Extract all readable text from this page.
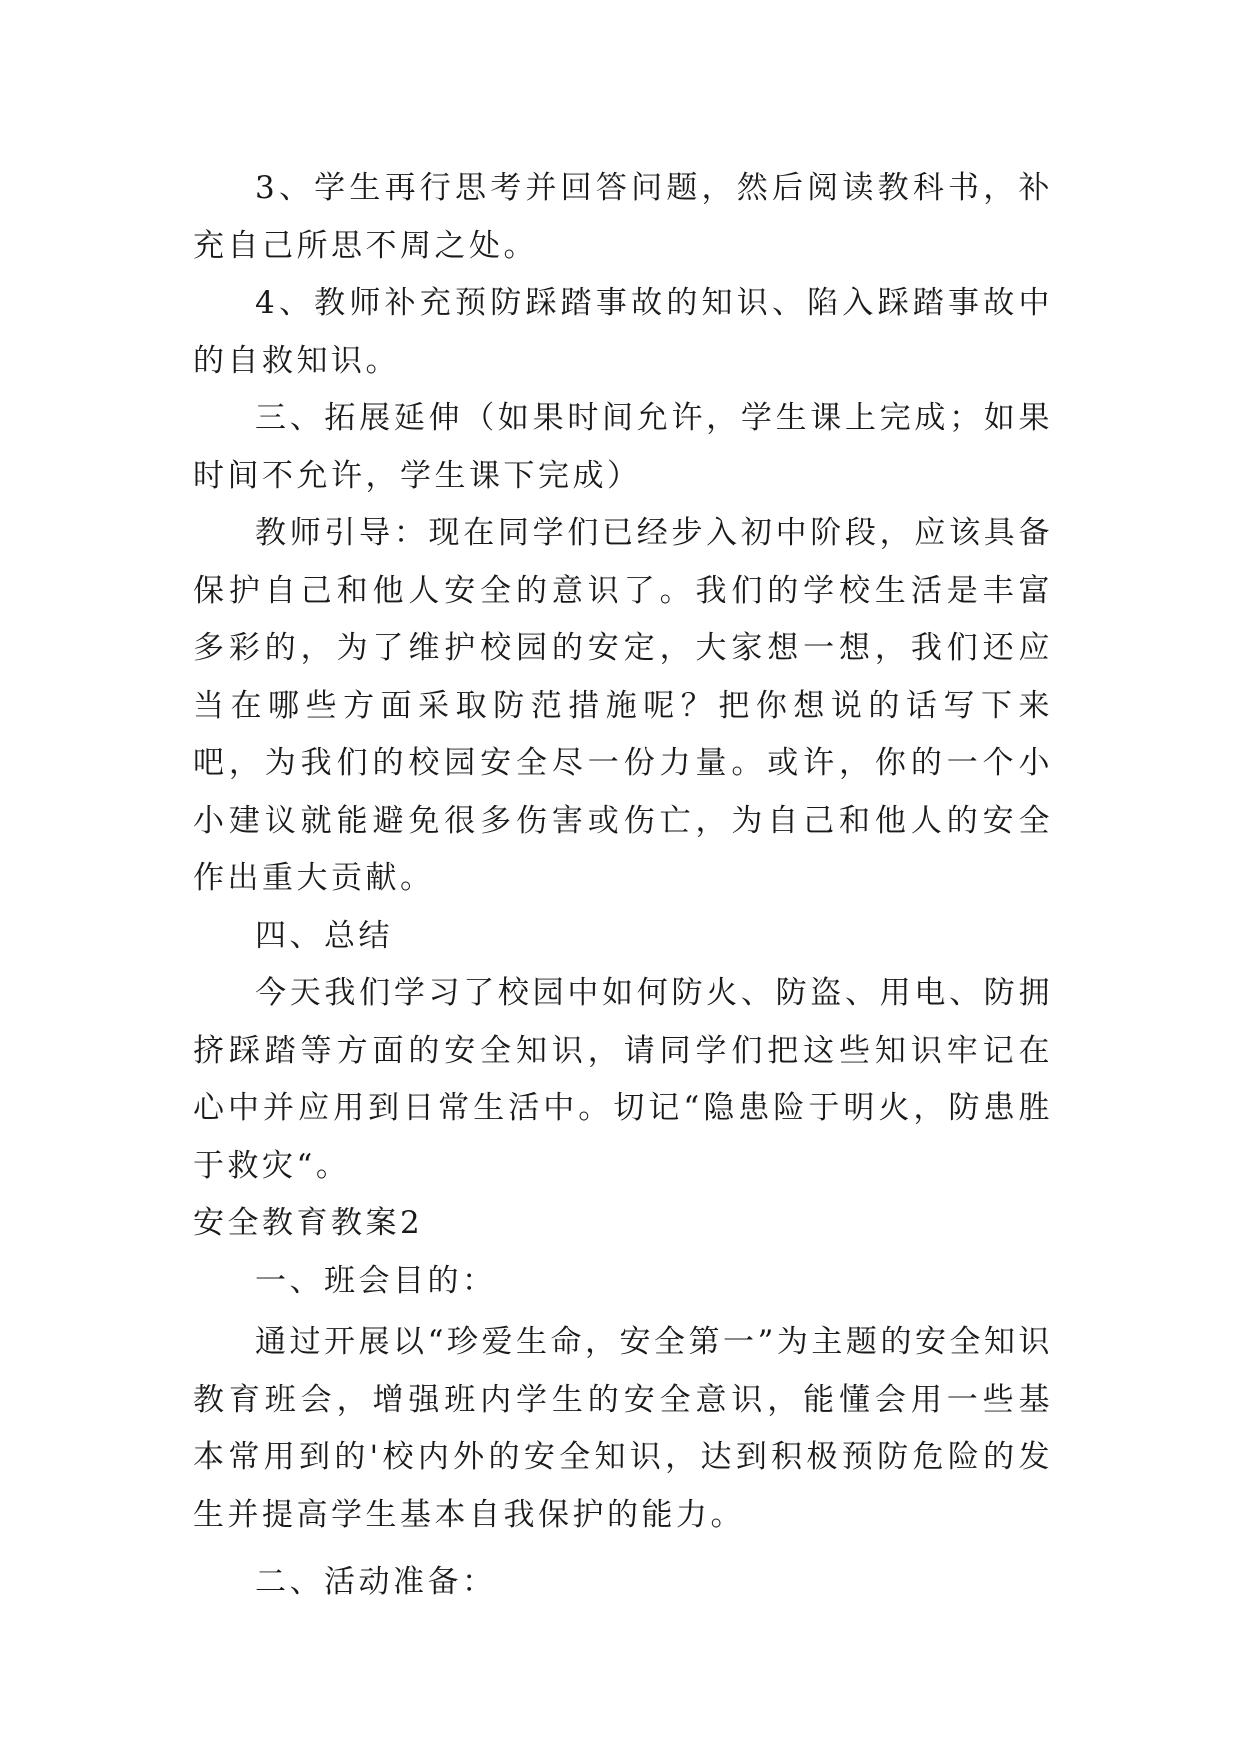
3、学生再行思考并回答问题，然后阅读教科书，补充自己所思不周之处。

4、教师补充预防踩踏事故的知识、陷入踩踏事故中的自救知识。

三、拓展延伸（如果时间允许，学生课上完成；如果时间不允许，学生课下完成）

教师引导：现在同学们已经步入初中阶段，应该具备保护自己和他人安全的意识了。我们的学校生活是丰富多彩的，为了维护校园的安定，大家想一想，我们还应当在哪些方面采取防范措施呢？把你想说的话写下来吧，为我们的校园安全尽一份力量。或许，你的一个小小建议就能避免很多伤害或伤亡，为自己和他人的安全作出重大贡献。

四、总结

今天我们学习了校园中如何防火、防盗、用电、防拥挤踩踏等方面的安全知识，请同学们把这些知识牢记在心中并应用到日常生活中。切记“隐患险于明火，防患胜于救灾“。

安全教育教案2

一、班会目的：

通过开展以“珍爱生命，安全第一”为主题的安全知识教育班会，增强班内学生的安全意识，能懂会用一些基本常用到的'校内外的安全知识，达到积极预防危险的发生并提高学生基本自我保护的能力。

二、活动准备：
